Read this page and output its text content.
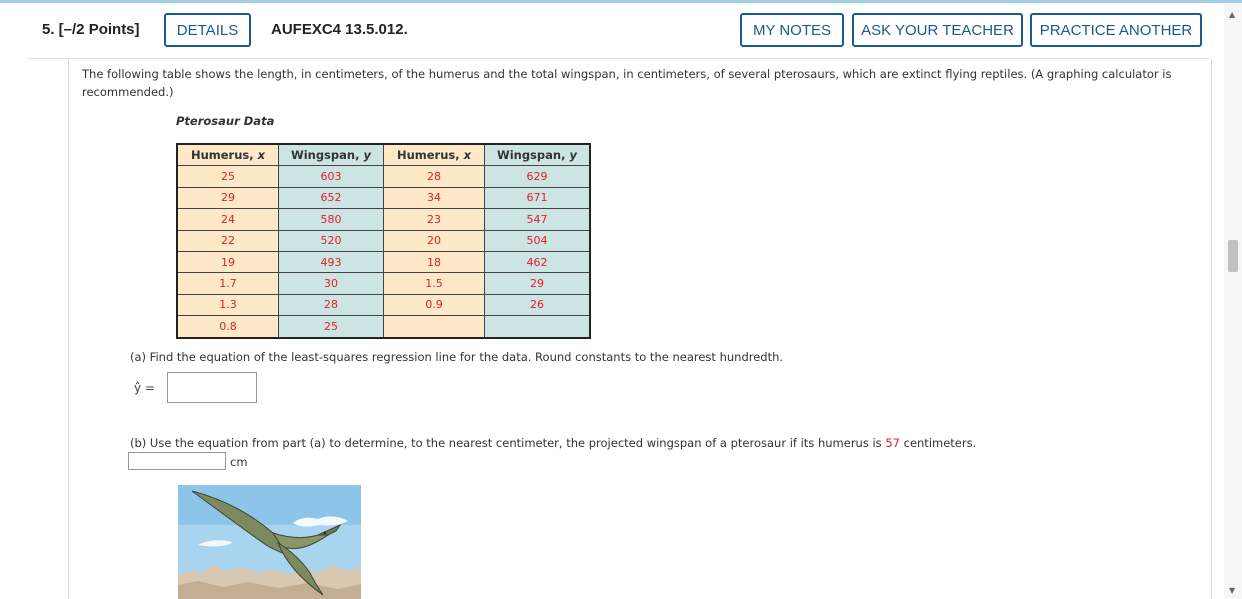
5. [–/2 Points]	DETAILS	AUFEXC4 13.5.012.	MY NOTES	ASK YOUR TEACHER	PRACTICE ANOTHER
The following table shows the length, in centimeters, of the humerus and the total wingspan, in centimeters, of several pterosaurs, which are extinct flying reptiles. (A graphing calculator is recommended.)
Pterosaur Data
Humerus, x	Wingspan, y	Humerus, x	Wingspan, y
25	603	28	629
29	652	34	671
24	580	23	547
22	520	20	504
19	493	18	462
1.7	30	1.5	29
1.3	28	0.9	26
0.8	25		
(a) Find the equation of the least-squares regression line for the data. Round constants to the nearest hundredth.
ŷ =
(b) Use the equation from part (a) to determine, to the nearest centimeter, the projected wingspan of a pterosaur if its humerus is 57 centimeters.
cm
▲
▼
